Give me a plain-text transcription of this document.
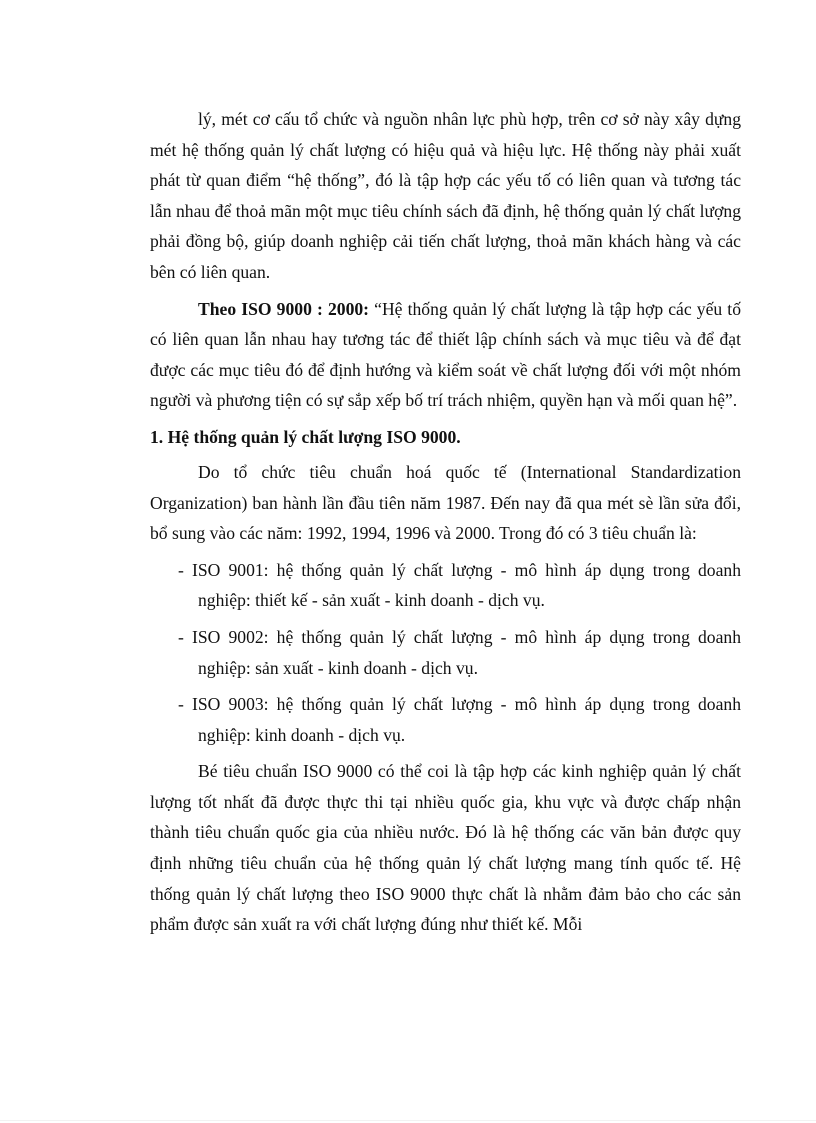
lý, mét cơ cấu tổ chức và nguồn nhân lực phù hợp, trên cơ sở này xây dựng mét hệ thống quản lý chất lượng có hiệu quả và hiệu lực. Hệ thống này phải xuất phát từ quan điểm “hệ thống”, đó là tập hợp các yếu tố có liên quan và tương tác lẫn nhau để thoả mãn một mục tiêu chính sách đã định, hệ thống quản lý chất lượng phải đồng bộ, giúp doanh nghiệp cải tiến chất lượng, thoả mãn khách hàng và các bên có liên quan.

Theo ISO 9000 : 2000: “Hệ thống quản lý chất lượng là tập hợp các yếu tố có liên quan lẫn nhau hay tương tác để thiết lập chính sách và mục tiêu và để đạt được các mục tiêu đó để định hướng và kiểm soát về chất lượng đối với một nhóm người và phương tiện có sự sắp xếp bố trí trách nhiệm, quyền hạn và mối quan hệ”.

1. Hệ thống quản lý chất lượng ISO 9000.

Do tổ chức tiêu chuẩn hoá quốc tế (International Standardization Organization) ban hành lần đầu tiên năm 1987. Đến nay đã qua mét sè lần sửa đổi, bổ sung vào các năm: 1992, 1994, 1996 và 2000. Trong đó có 3 tiêu chuẩn là:

- ISO 9001: hệ thống quản lý chất lượng - mô hình áp dụng trong doanh nghiệp: thiết kế - sản xuất - kinh doanh - dịch vụ.

- ISO 9002: hệ thống quản lý chất lượng - mô hình áp dụng trong doanh nghiệp: sản xuất - kinh doanh - dịch vụ.

- ISO 9003: hệ thống quản lý chất lượng - mô hình áp dụng trong doanh nghiệp: kinh doanh - dịch vụ.

Bé tiêu chuẩn ISO 9000 có thể coi là tập hợp các kinh nghiệp quản lý chất lượng tốt nhất đã được thực thi tại nhiều quốc gia, khu vực và được chấp nhận thành tiêu chuẩn quốc gia của nhiều nước. Đó là hệ thống các văn bản được quy định những tiêu chuẩn của hệ thống quản lý chất lượng mang tính quốc tế. Hệ thống quản lý chất lượng theo ISO 9000 thực chất là nhằm đảm bảo cho các sản phẩm được sản xuất ra với chất lượng đúng như thiết kế. Mỗi
